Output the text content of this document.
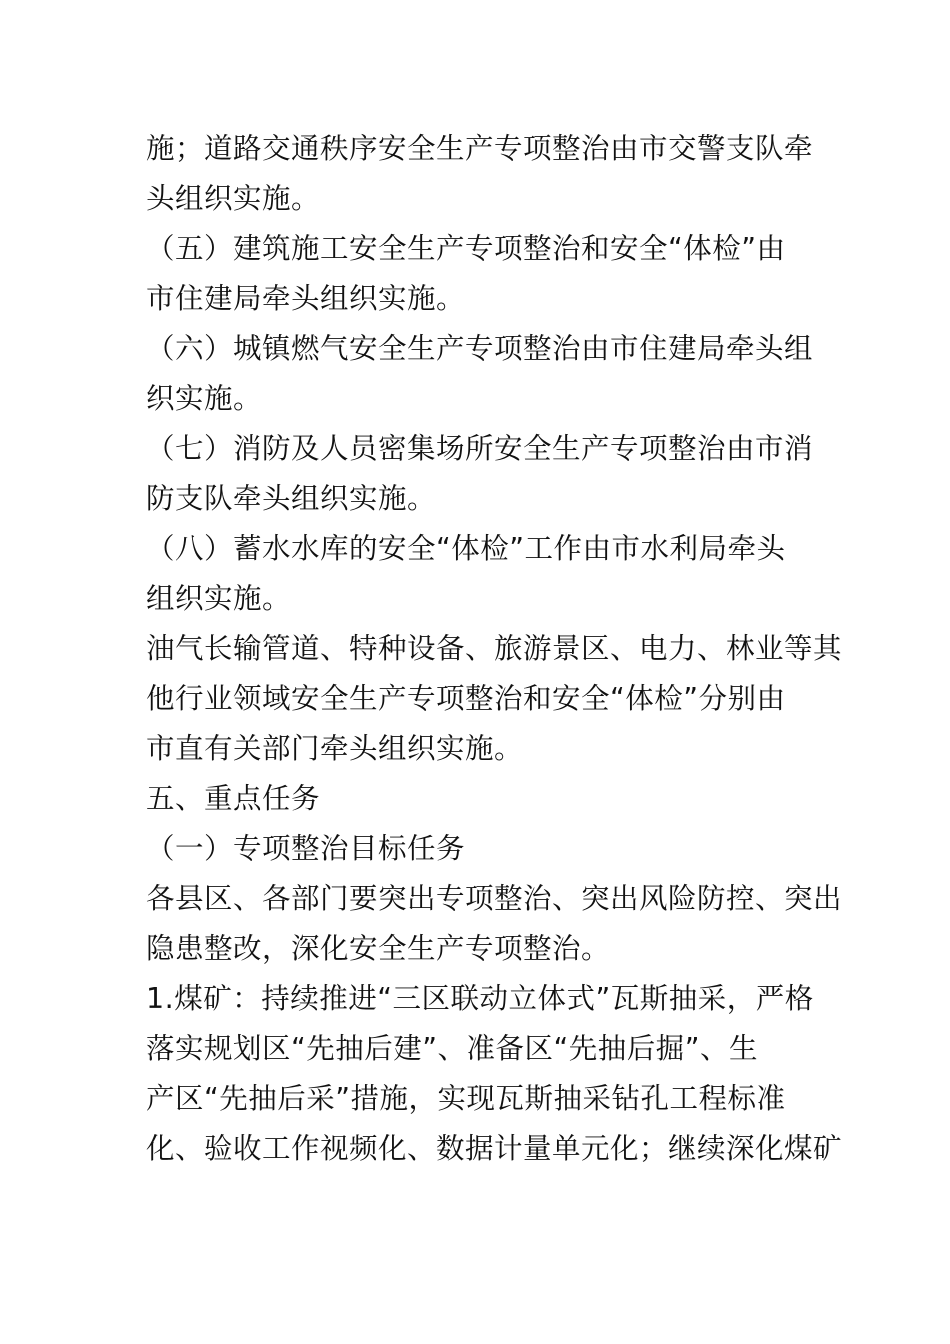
施；道路交通秩序安全生产专项整治由市交警支队牵
头组织实施。
（五）建筑施工安全生产专项整治和安全“体检”由
市住建局牵头组织实施。
（六）城镇燃气安全生产专项整治由市住建局牵头组
织实施。
（七）消防及人员密集场所安全生产专项整治由市消
防支队牵头组织实施。
（八）蓄水水库的安全“体检”工作由市水利局牵头
组织实施。
油气长输管道、特种设备、旅游景区、电力、林业等其
他行业领域安全生产专项整治和安全“体检”分别由
市直有关部门牵头组织实施。
五、重点任务
（一）专项整治目标任务
各县区、各部门要突出专项整治、突出风险防控、突出
隐患整改，深化安全生产专项整治。
1.煤矿：持续推进“三区联动立体式”瓦斯抽采，严格
落实规划区“先抽后建”、准备区“先抽后掘”、生
产区“先抽后采”措施，实现瓦斯抽采钻孔工程标准
化、验收工作视频化、数据计量单元化；继续深化煤矿
